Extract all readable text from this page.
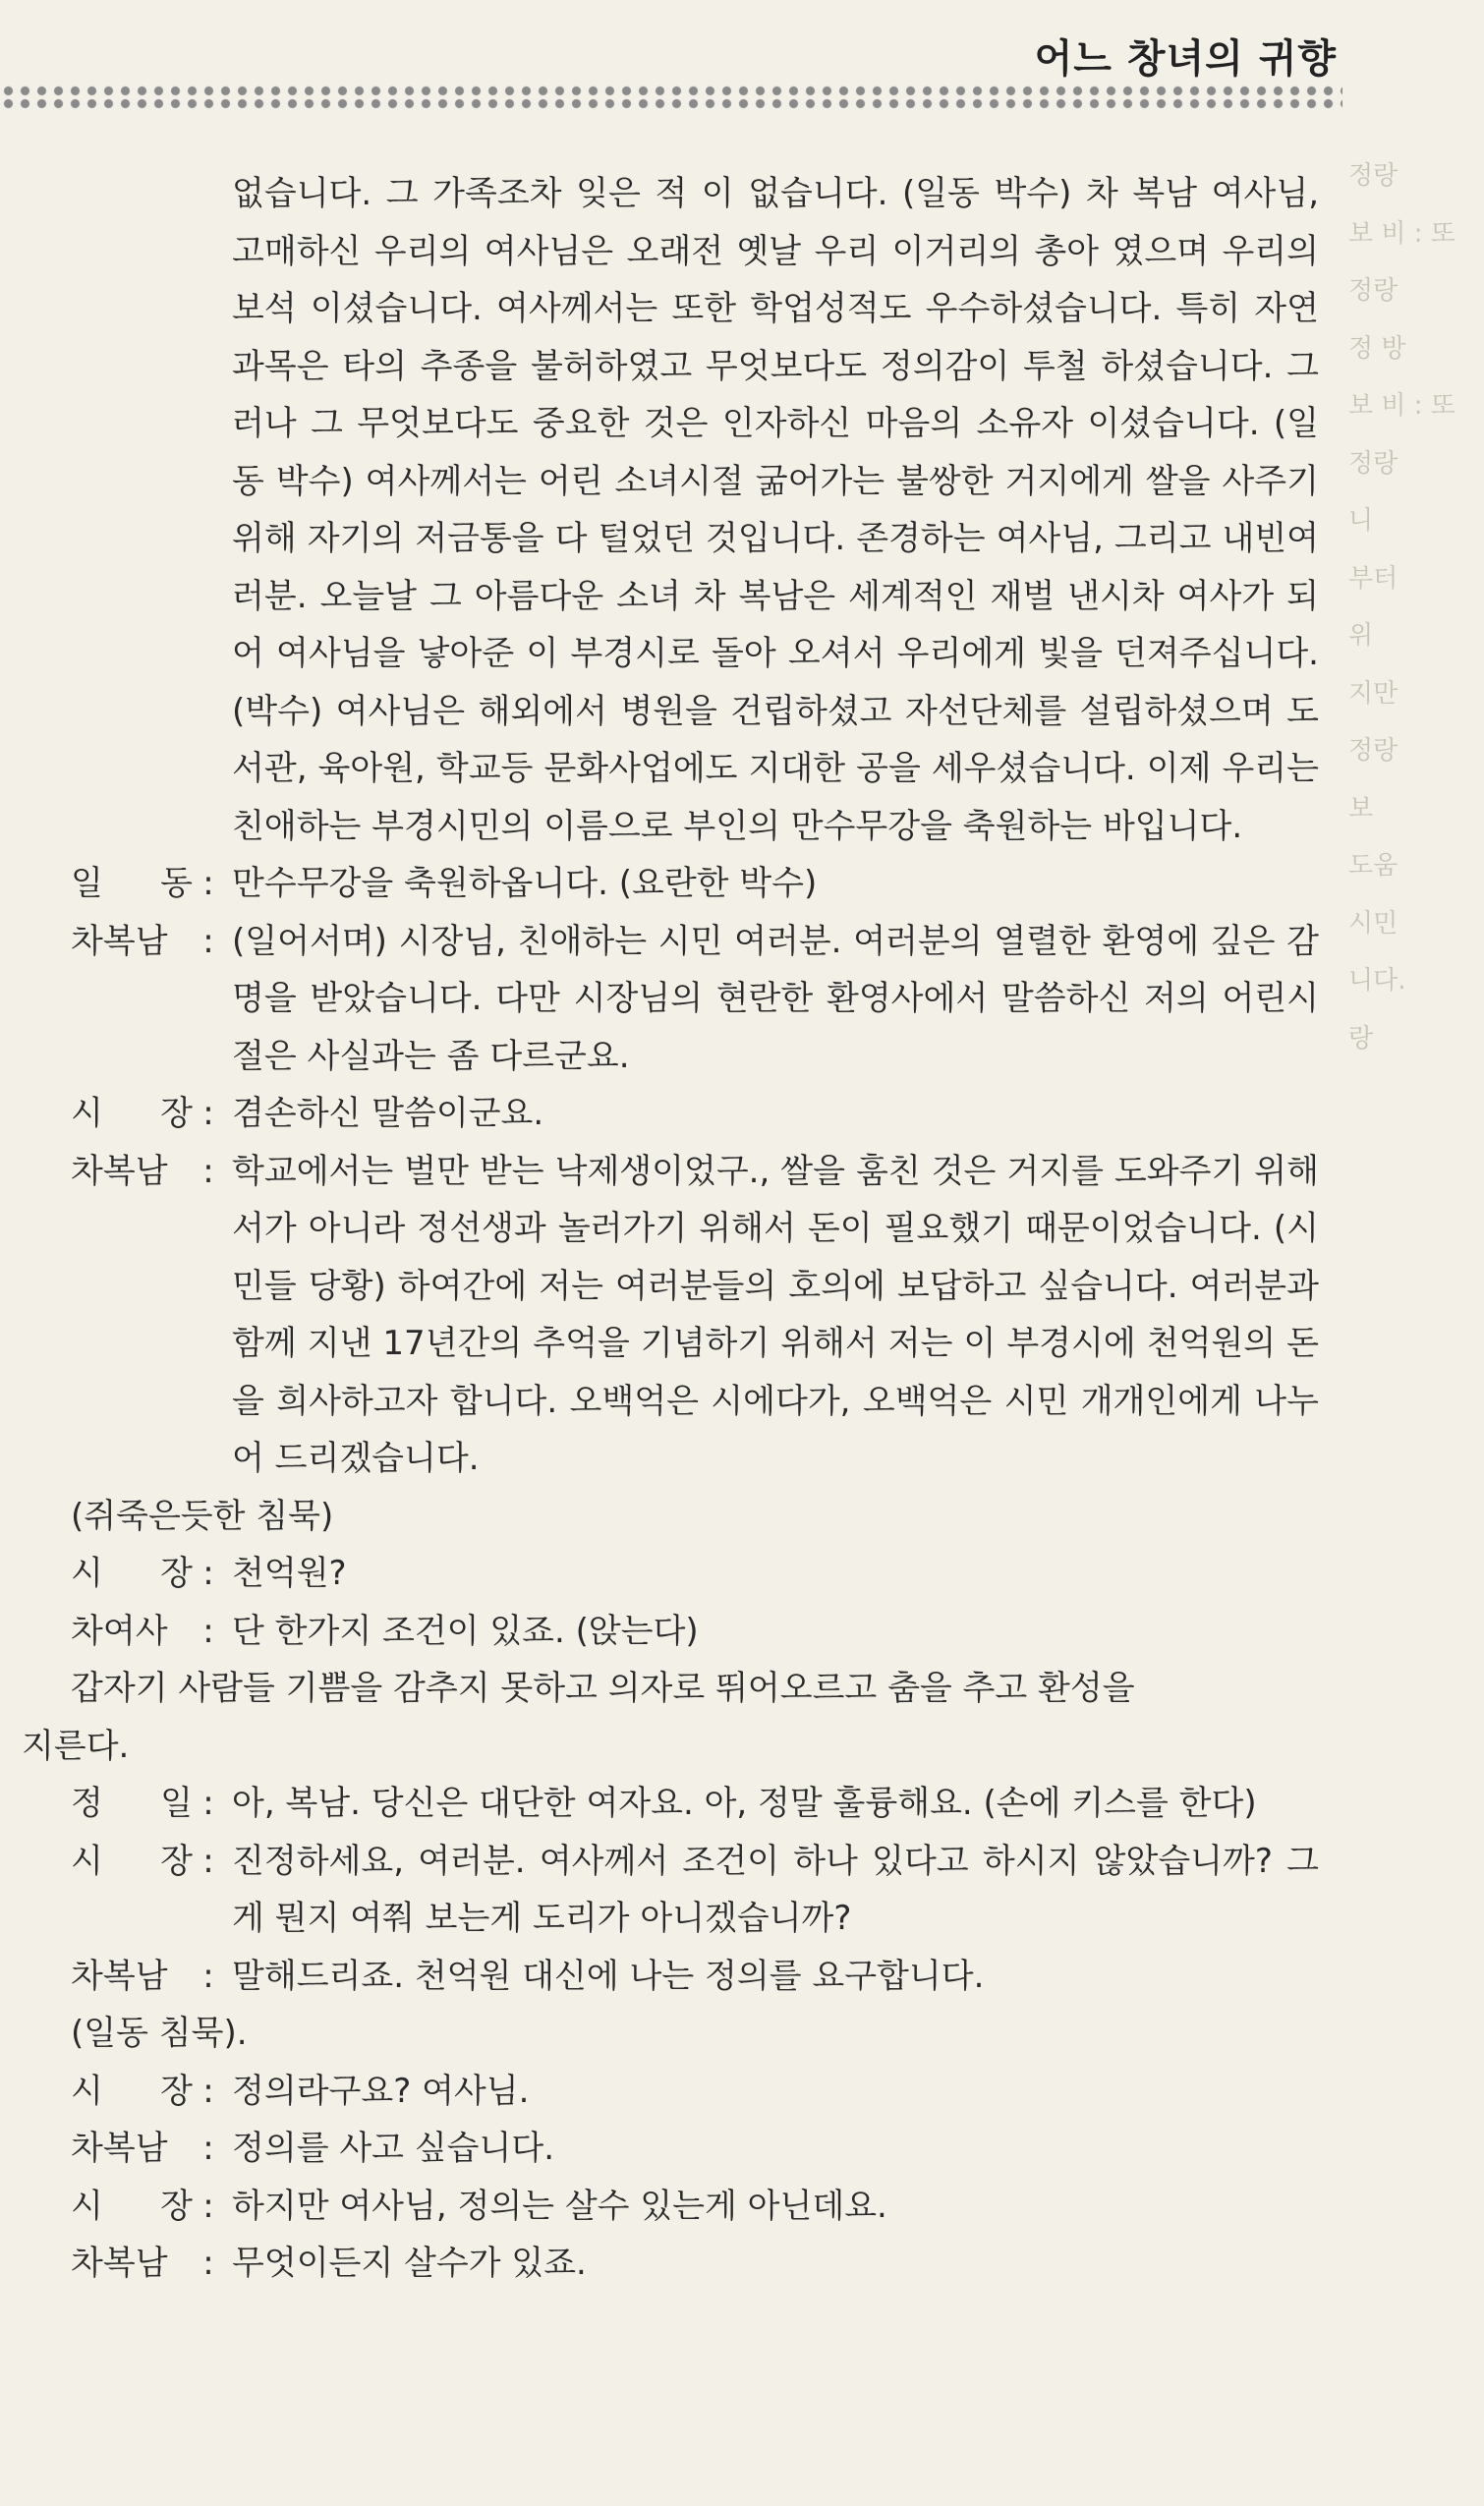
어느 창녀의 귀향
정랑
보 비 : 또
정랑
정 방
보 비 : 또
정랑
니
부터
위
지만
정랑
보
도움
시민
니다.
랑
없습니다. 그 가족조차 잊은 적 이 없습니다. (일동 박수) 차 복남 여사님, 고매하신 우리의 여사님은 오래전 옛날 우리 이거리의 총아 였으며 우리의 보석 이셨습니다. 여사께서는 또한 학업성적도 우수하셨습니다. 특히 자연과목은 타의 추종을 불허하였고 무엇보다도 정의감이 투철 하셨습니다. 그러나 그 무엇보다도 중요한 것은 인자하신 마음의 소유자 이셨습니다. (일동 박수) 여사께서는 어린 소녀시절 굶어가는 불쌍한 거지에게 쌀을 사주기 위해 자기의 저금통을 다 털었던 것입니다. 존경하는 여사님, 그리고 내빈여러분. 오늘날 그 아름다운 소녀 차 복남은 세계적인 재벌 낸시차 여사가 되어 여사님을 낳아준 이 부경시로 돌아 오셔서 우리에게 빛을 던져주십니다. (박수) 여사님은 해외에서 병원을 건립하셨고 자선단체를 설립하셨으며 도서관, 육아원, 학교등 문화사업에도 지대한 공을 세우셨습니다. 이제 우리는 친애하는 부경시민의 이름으로 부인의 만수무강을 축원하는 바입니다.
일 동 : 만수무강을 축원하옵니다. (요란한 박수)
차복남 : (일어서며) 시장님, 친애하는 시민 여러분. 여러분의 열렬한 환영에 깊은 감명을 받았습니다. 다만 시장님의 현란한 환영사에서 말씀하신 저의 어린시절은 사실과는 좀 다르군요.
시 장 : 겸손하신 말씀이군요.
차복남 : 학교에서는 벌만 받는 낙제생이었구., 쌀을 훔친 것은 거지를 도와주기 위해서가 아니라 정선생과 놀러가기 위해서 돈이 필요했기 때문이었습니다. (시민들 당황) 하여간에 저는 여러분들의 호의에 보답하고 싶습니다. 여러분과 함께 지낸 17년간의 추억을 기념하기 위해서 저는 이 부경시에 천억원의 돈을 희사하고자 합니다. 오백억은 시에다가, 오백억은 시민 개개인에게 나누어 드리겠습니다.
(쥐죽은듯한 침묵)
시 장 : 천억원?
차여사 : 단 한가지 조건이 있죠. (앉는다)
갑자기 사람들 기쁨을 감추지 못하고 의자로 뛰어오르고 춤을 추고 환성을
지른다.
정 일 : 아, 복남. 당신은 대단한 여자요. 아, 정말 훌륭해요. (손에 키스를 한다)
시 장 : 진정하세요, 여러분. 여사께서 조건이 하나 있다고 하시지 않았습니까? 그게 뭔지 여쭤 보는게 도리가 아니겠습니까?
차복남 : 말해드리죠. 천억원 대신에 나는 정의를 요구합니다.
(일동 침묵).
시 장 : 정의라구요? 여사님.
차복남 : 정의를 사고 싶습니다.
시 장 : 하지만 여사님, 정의는 살수 있는게 아닌데요.
차복남 : 무엇이든지 살수가 있죠.
